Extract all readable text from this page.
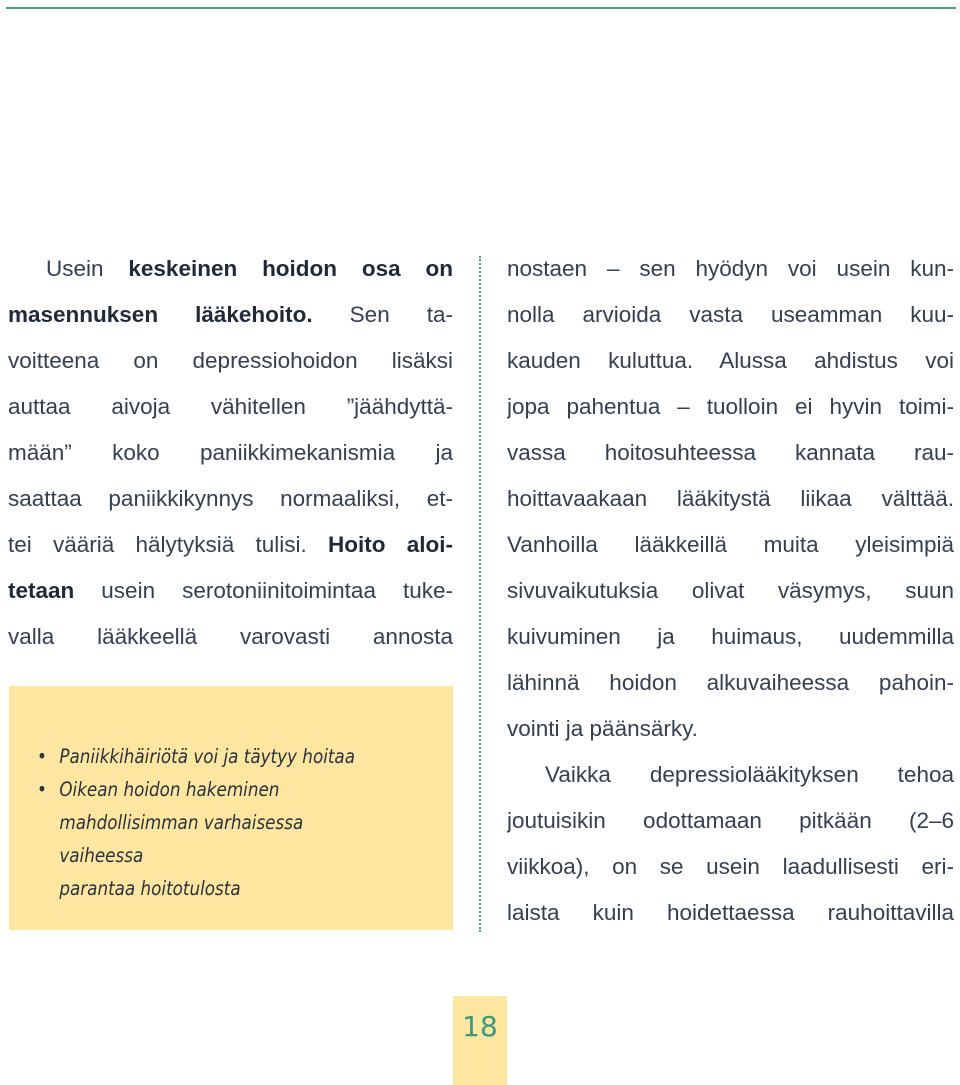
Usein keskeinen hoidon osa on
masennuksen lääkehoito. Sen ta-
voitteena on depressiohoidon lisäksi
auttaa aivoja vähitellen ”jäähdyttä-
mään” koko paniikkimekanismia ja
saattaa paniikkikynnys normaaliksi, et-
tei vääriä hälytyksiä tulisi. Hoito aloi-
tetaan usein serotoniinitoimintaa tuke-
valla lääkkeellä varovasti annosta
• Paniikkihäiriötä voi ja täytyy hoitaa
• Oikean hoidon hakeminen
mahdollisimman varhaisessa vaiheessa
parantaa hoitotulosta
nostaen – sen hyödyn voi usein kun-
nolla arvioida vasta useamman kuu-
kauden kuluttua. Alussa ahdistus voi
jopa pahentua – tuolloin ei hyvin toimi-
vassa hoitosuhteessa kannata rau-
hoittavaakaan lääkitystä liikaa välttää.
Vanhoilla lääkkeillä muita yleisimpiä
sivuvaikutuksia olivat väsymys, suun
kuivuminen ja huimaus, uudemmilla
lähinnä hoidon alkuvaiheessa pahoin-
vointi ja päänsärky.
Vaikka depressiolääkityksen tehoa
joutuisikin odottamaan pitkään (2–6
viikkoa), on se usein laadullisesti eri-
laista kuin hoidettaessa rauhoittavilla
18
